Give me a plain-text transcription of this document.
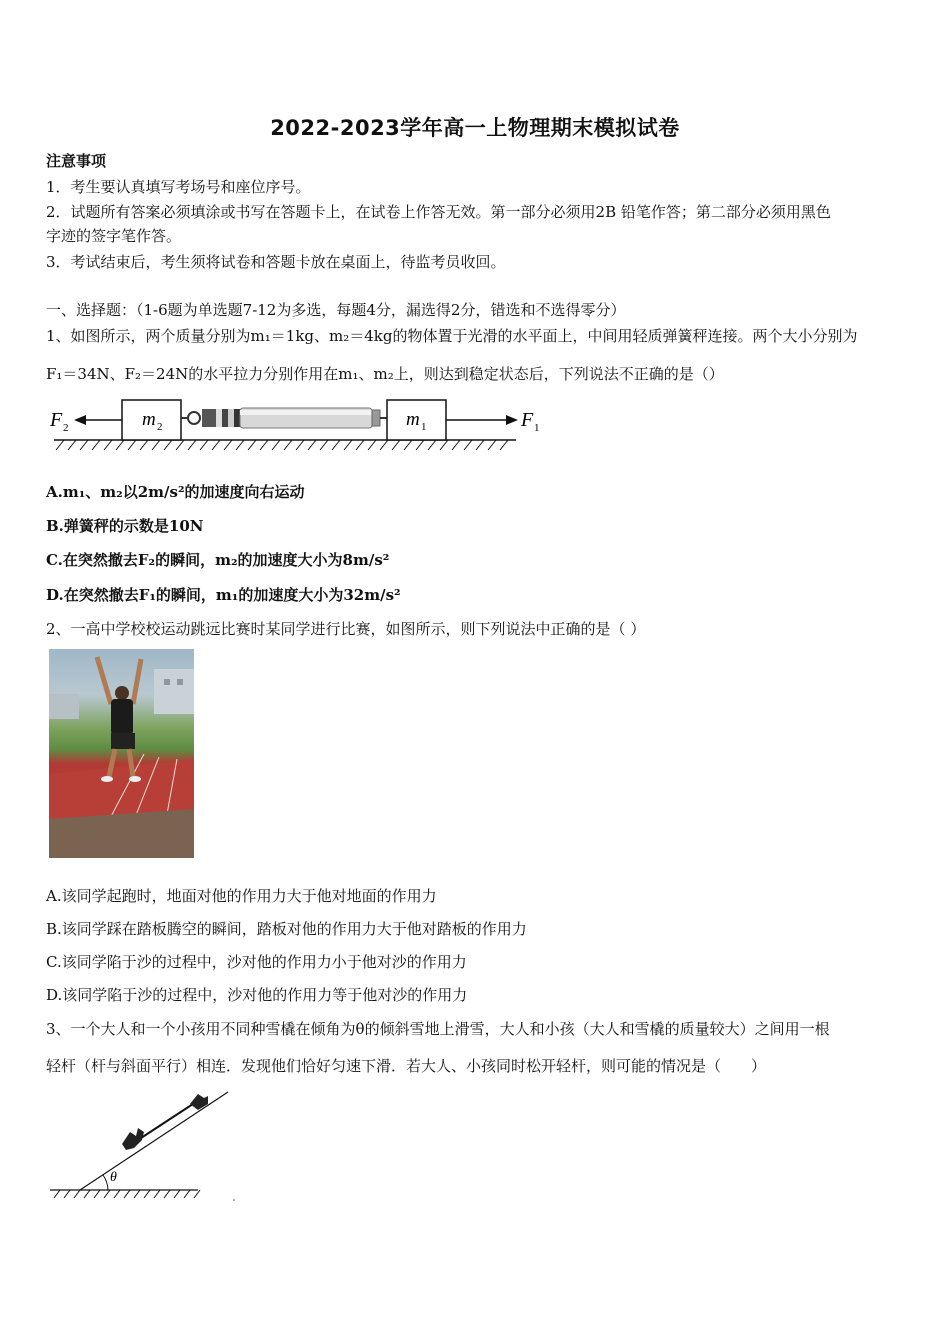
2022-2023学年高一上物理期末模拟试卷
注意事项
1．考生要认真填写考场号和座位序号。
2．试题所有答案必须填涂或书写在答题卡上，在试卷上作答无效。第一部分必须用2B 铅笔作答；第二部分必须用黑色
字迹的签字笔作答。
3．考试结束后，考生须将试卷和答题卡放在桌面上，待监考员收回。
一、选择题：（1-6题为单选题7-12为多选，每题4分，漏选得2分，错选和不选得零分）
1、如图所示，两个质量分别为m₁＝1kg、m₂＝4kg的物体置于光滑的水平面上，中间用轻质弹簧秤连接。两个大小分别为
F₁＝34N、F₂＝24N的水平拉力分别作用在m₁、m₂上，则达到稳定状态后，下列说法不正确的是（）
F 2	m 2	m 1	F 1
A.m₁、m₂以2m/s²的加速度向右运动
B.弹簧秤的示数是10N
C.在突然撤去F₂的瞬间，m₂的加速度大小为8m/s²
D.在突然撤去F₁的瞬间，m₁的加速度大小为32m/s²
2、一高中学校校运动跳远比赛时某同学进行比赛，如图所示，则下列说法中正确的是（ ）
A.该同学起跑时，地面对他的作用力大于他对地面的作用力
B.该同学踩在踏板腾空的瞬间，踏板对他的作用力大于他对踏板的作用力
C.该同学陷于沙的过程中，沙对他的作用力小于他对沙的作用力
D.该同学陷于沙的过程中，沙对他的作用力等于他对沙的作用力
3、一个大人和一个小孩用不同种雪橇在倾角为θ的倾斜雪地上滑雪，大人和小孩（大人和雪橇的质量较大）之间用一根
轻杆（杆与斜面平行）相连．发现他们恰好匀速下滑．若大人、小孩同时松开轻杆，则可能的情况是（　　）
θ
